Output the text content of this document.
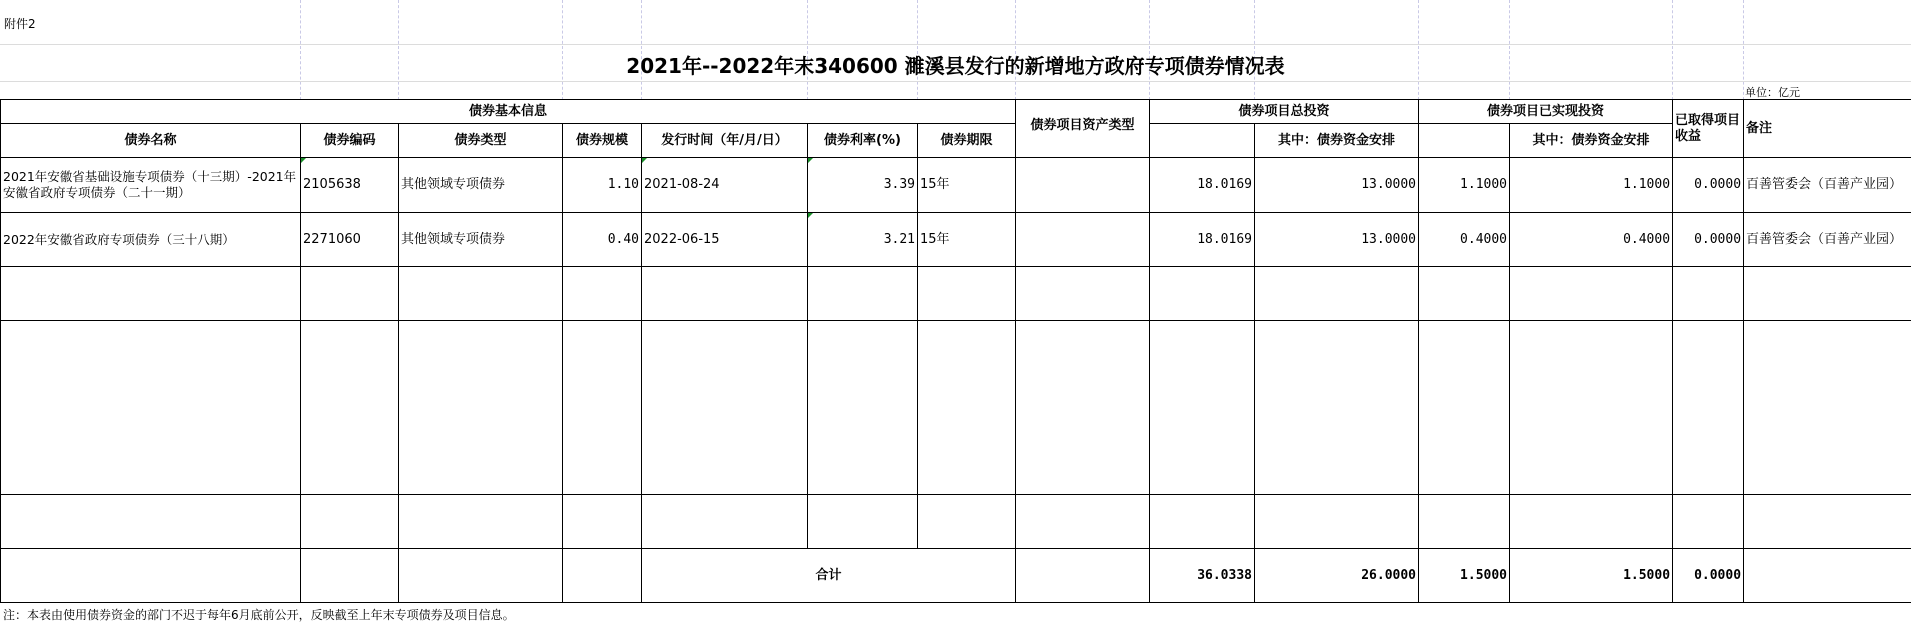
附件2
2021年--2022年末340600 濉溪县发行的新增地方政府专项债券情况表
单位：亿元
债券基本信息							债券项目资产类型	债券项目总投资		债券项目已实现投资		已取得项目收益	备注
债券名称	债券编码	债券类型	债券规模	发行时间（年/月/日）	债券利率(%)	债券期限			其中：债券资金安排		其中：债券资金安排		
2021年安徽省基础设施专项债券（十三期）-2021年安徽省政府专项债券（二十一期）	2105638	其他领域专项债券	1.10	2021-08-24	3.39	15年		18.0169	13.0000	1.1000	1.1000	0.0000	百善管委会（百善产业园）
2022年安徽省政府专项债券（三十八期）	2271060	其他领域专项债券	0.40	2022-06-15	3.21	15年		18.0169	13.0000	0.4000	0.4000	0.0000	百善管委会（百善产业园）

				合计				36.0338	26.0000	1.5000	1.5000	0.0000	
注：本表由使用债券资金的部门不迟于每年6月底前公开，反映截至上年末专项债券及项目信息。
